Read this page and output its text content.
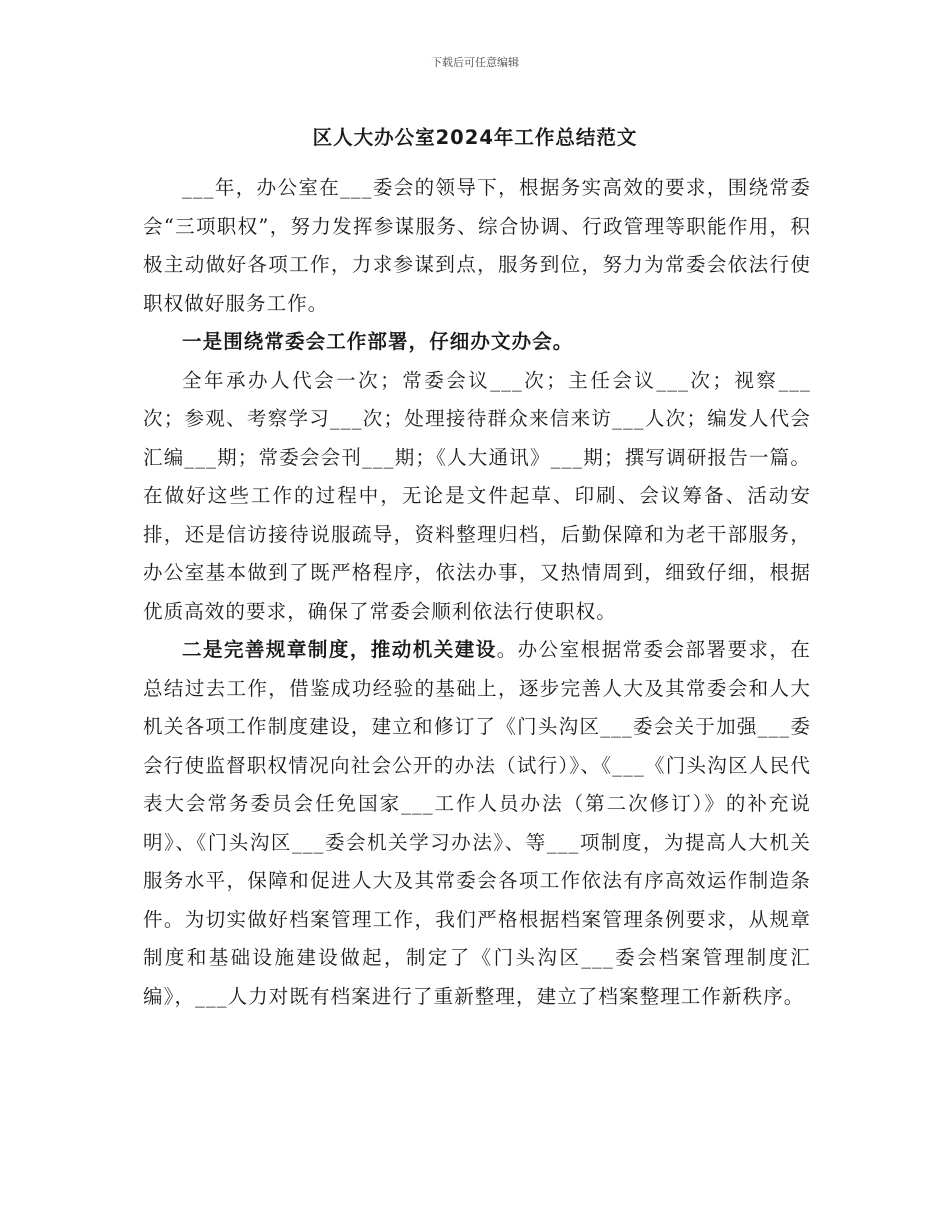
下载后可任意编辑
区人大办公室2024年工作总结范文

___年，办公室在___委会的领导下，根据务实高效的要求，围绕常委会“三项职权”，努力发挥参谋服务、综合协调、行政管理等职能作用，积极主动做好各项工作，力求参谋到点，服务到位，努力为常委会依法行使职权做好服务工作。

一是围绕常委会工作部署，仔细办文办会。

全年承办人代会一次；常委会议___次；主任会议___次；视察___次；参观、考察学习___次；处理接待群众来信来访___人次；编发人代会汇编___期；常委会会刊___期；《人大通讯》___期；撰写调研报告一篇。在做好这些工作的过程中，无论是文件起草、印刷、会议筹备、活动安排，还是信访接待说服疏导，资料整理归档，后勤保障和为老干部服务，办公室基本做到了既严格程序，依法办事，又热情周到，细致仔细，根据优质高效的要求，确保了常委会顺利依法行使职权。

二是完善规章制度，推动机关建设。办公室根据常委会部署要求，在总结过去工作，借鉴成功经验的基础上，逐步完善人大及其常委会和人大机关各项工作制度建设，建立和修订了《门头沟区___委会关于加强___委会行使监督职权情况向社会公开的办法（试行）》、《___《门头沟区人民代表大会常务委员会任免国家___工作人员办法（第二次修订）》的补充说明》、《门头沟区___委会机关学习办法》、等___项制度，为提高人大机关服务水平，保障和促进人大及其常委会各项工作依法有序高效运作制造条件。为切实做好档案管理工作，我们严格根据档案管理条例要求，从规章制度和基础设施建设做起，制定了《门头沟区___委会档案管理制度汇编》，___人力对既有档案进行了重新整理，建立了档案整理工作新秩序。
